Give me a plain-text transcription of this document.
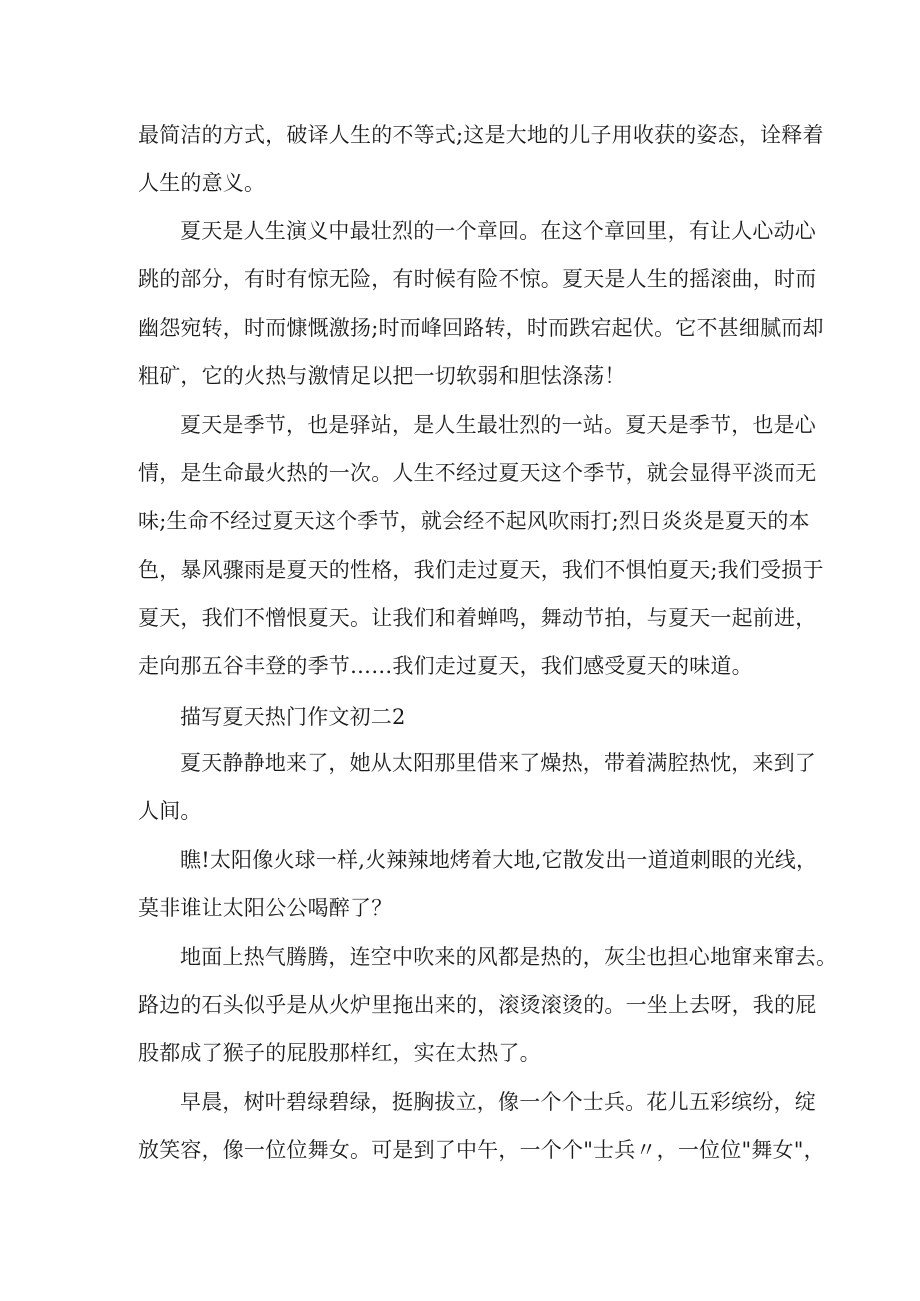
最简洁的方式，破译人生的不等式;这是大地的儿子用收获的姿态，诠释着
人生的意义。
夏天是人生演义中最壮烈的一个章回。在这个章回里，有让人心动心
跳的部分，有时有惊无险，有时候有险不惊。夏天是人生的摇滚曲，时而
幽怨宛转，时而慷慨激扬;时而峰回路转，时而跌宕起伏。它不甚细腻而却
粗矿，它的火热与激情足以把一切软弱和胆怯涤荡！
夏天是季节，也是驿站，是人生最壮烈的一站。夏天是季节，也是心
情，是生命最火热的一次。人生不经过夏天这个季节，就会显得平淡而无
味;生命不经过夏天这个季节，就会经不起风吹雨打;烈日炎炎是夏天的本
色，暴风骤雨是夏天的性格，我们走过夏天，我们不惧怕夏天;我们受损于
夏天，我们不憎恨夏天。让我们和着蝉鸣，舞动节拍，与夏天一起前进，
走向那五谷丰登的季节……我们走过夏天，我们感受夏天的味道。
描写夏天热门作文初二2
夏天静静地来了，她从太阳那里借来了燥热，带着满腔热忱，来到了
人间。
瞧!太阳像火球一样,火辣辣地烤着大地,它散发出一道道刺眼的光线，
莫非谁让太阳公公喝醉了？
地面上热气腾腾，连空中吹来的风都是热的，灰尘也担心地窜来窜去。
路边的石头似乎是从火炉里拖出来的，滚烫滚烫的。一坐上去呀，我的屁
股都成了猴子的屁股那样红，实在太热了。
早晨，树叶碧绿碧绿，挺胸拔立，像一个个士兵。花儿五彩缤纷，绽
放笑容，像一位位舞女。可是到了中午，一个个"士兵〃，一位位"舞女"，
